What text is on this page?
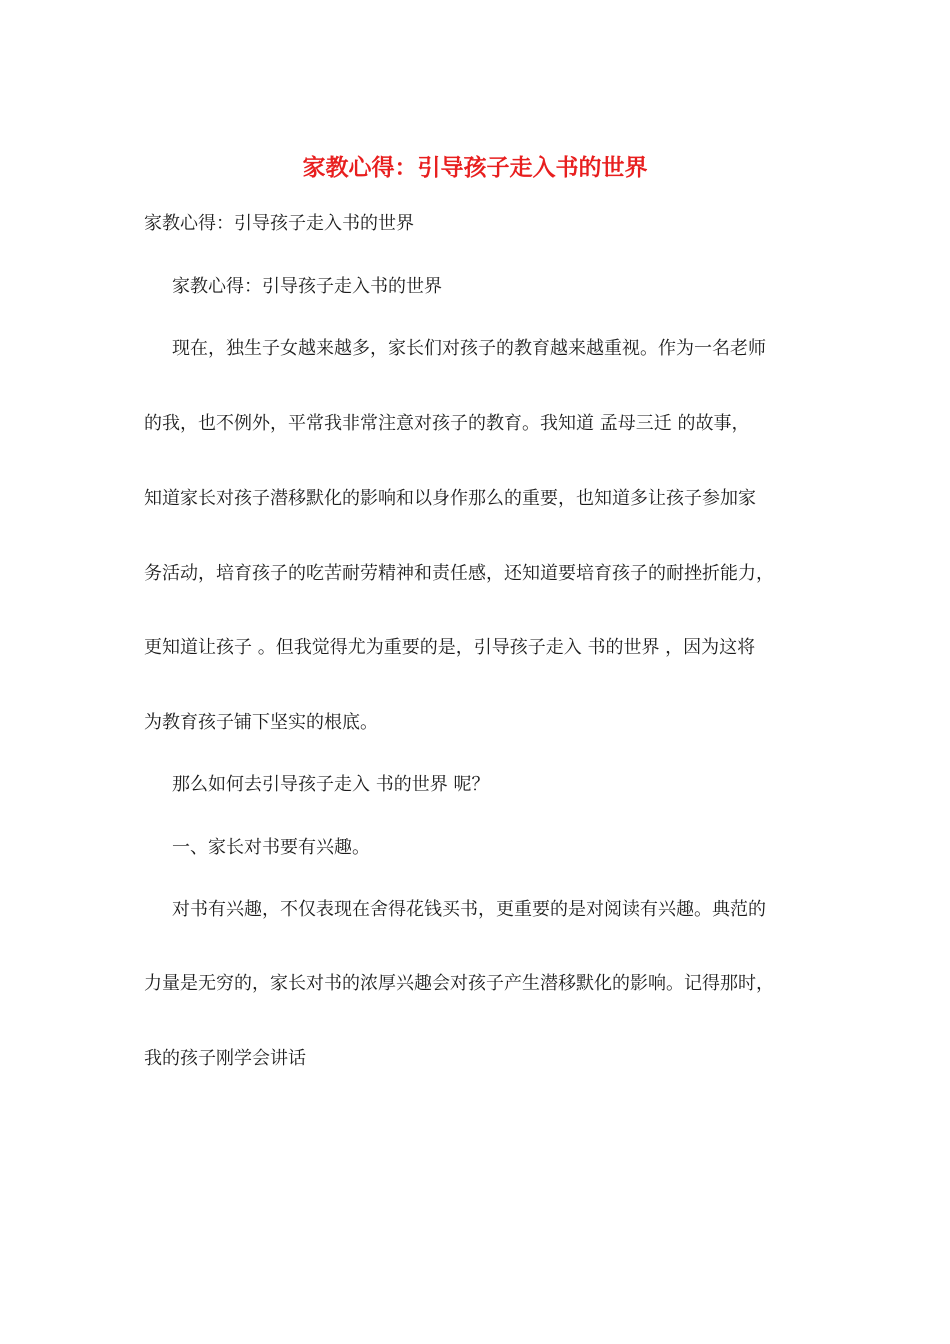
家教心得：引导孩子走入书的世界
家教心得：引导孩子走入书的世界
家教心得：引导孩子走入书的世界
现在，独生子女越来越多，家长们对孩子的教育越来越重视。作为一名老师
的我，也不例外，平常我非常注意对孩子的教育。我知道 孟母三迁 的故事，
知道家长对孩子潜移默化的影响和以身作那么的重要，也知道多让孩子参加家
务活动，培育孩子的吃苦耐劳精神和责任感，还知道要培育孩子的耐挫折能力，
更知道让孩子 。但我觉得尤为重要的是，引导孩子走入 书的世界 ，因为这将
为教育孩子铺下坚实的根底。
那么如何去引导孩子走入 书的世界 呢？
一、家长对书要有兴趣。
对书有兴趣，不仅表现在舍得花钱买书，更重要的是对阅读有兴趣。典范的
力量是无穷的，家长对书的浓厚兴趣会对孩子产生潜移默化的影响。记得那时，
我的孩子刚学会讲话
